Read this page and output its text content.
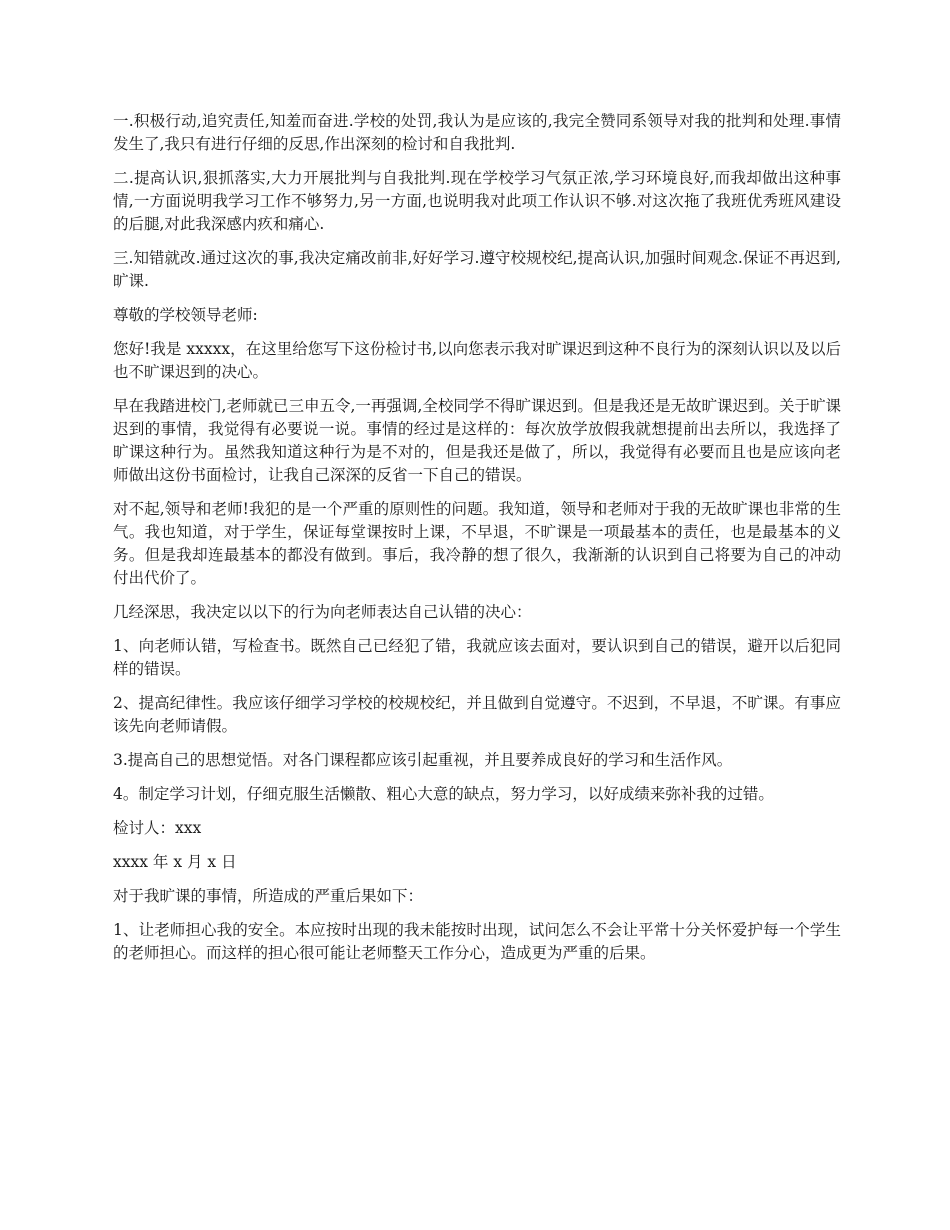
一.积极行动,追究责任,知羞而奋进.学校的处罚,我认为是应该的,我完全赞同系领导对我的批判和处理.事情发生了,我只有进行仔细的反思,作出深刻的检讨和自我批判.

二.提高认识,狠抓落实,大力开展批判与自我批判.现在学校学习气氛正浓,学习环境良好,而我却做出这种事情,一方面说明我学习工作不够努力,另一方面,也说明我对此项工作认识不够.对这次拖了我班优秀班风建设的后腿,对此我深感内疚和痛心.

三.知错就改.通过这次的事,我决定痛改前非,好好学习.遵守校规校纪,提高认识,加强时间观念.保证不再迟到,旷课.

尊敬的学校领导老师:

您好!我是 xxxxx，在这里给您写下这份检讨书,以向您表示我对旷课迟到这种不良行为的深刻认识以及以后也不旷课迟到的决心。

早在我踏进校门,老师就已三申五令,一再强调,全校同学不得旷课迟到。但是我还是无故旷课迟到。关于旷课迟到的事情，我觉得有必要说一说。事情的经过是这样的：每次放学放假我就想提前出去所以，我选择了旷课这种行为。虽然我知道这种行为是不对的，但是我还是做了，所以，我觉得有必要而且也是应该向老师做出这份书面检讨，让我自己深深的反省一下自己的错误。

对不起,领导和老师!我犯的是一个严重的原则性的问题。我知道，领导和老师对于我的无故旷课也非常的生气。我也知道，对于学生，保证每堂课按时上课，不早退，不旷课是一项最基本的责任，也是最基本的义务。但是我却连最基本的都没有做到。事后，我冷静的想了很久，我渐渐的认识到自己将要为自己的冲动付出代价了。

几经深思，我决定以以下的行为向老师表达自己认错的决心：

1、向老师认错，写检查书。既然自己已经犯了错，我就应该去面对，要认识到自己的错误，避开以后犯同样的错误。

2、提高纪律性。我应该仔细学习学校的校规校纪，并且做到自觉遵守。不迟到，不早退，不旷课。有事应该先向老师请假。

3.提高自己的思想觉悟。对各门课程都应该引起重视，并且要养成良好的学习和生活作风。

4。制定学习计划，仔细克服生活懒散、粗心大意的缺点，努力学习，以好成绩来弥补我的过错。

检讨人：xxx

xxxx 年 x 月 x 日

对于我旷课的事情，所造成的严重后果如下：

1、让老师担心我的安全。本应按时出现的我未能按时出现，试问怎么不会让平常十分关怀爱护每一个学生的老师担心。而这样的担心很可能让老师整天工作分心，造成更为严重的后果。
